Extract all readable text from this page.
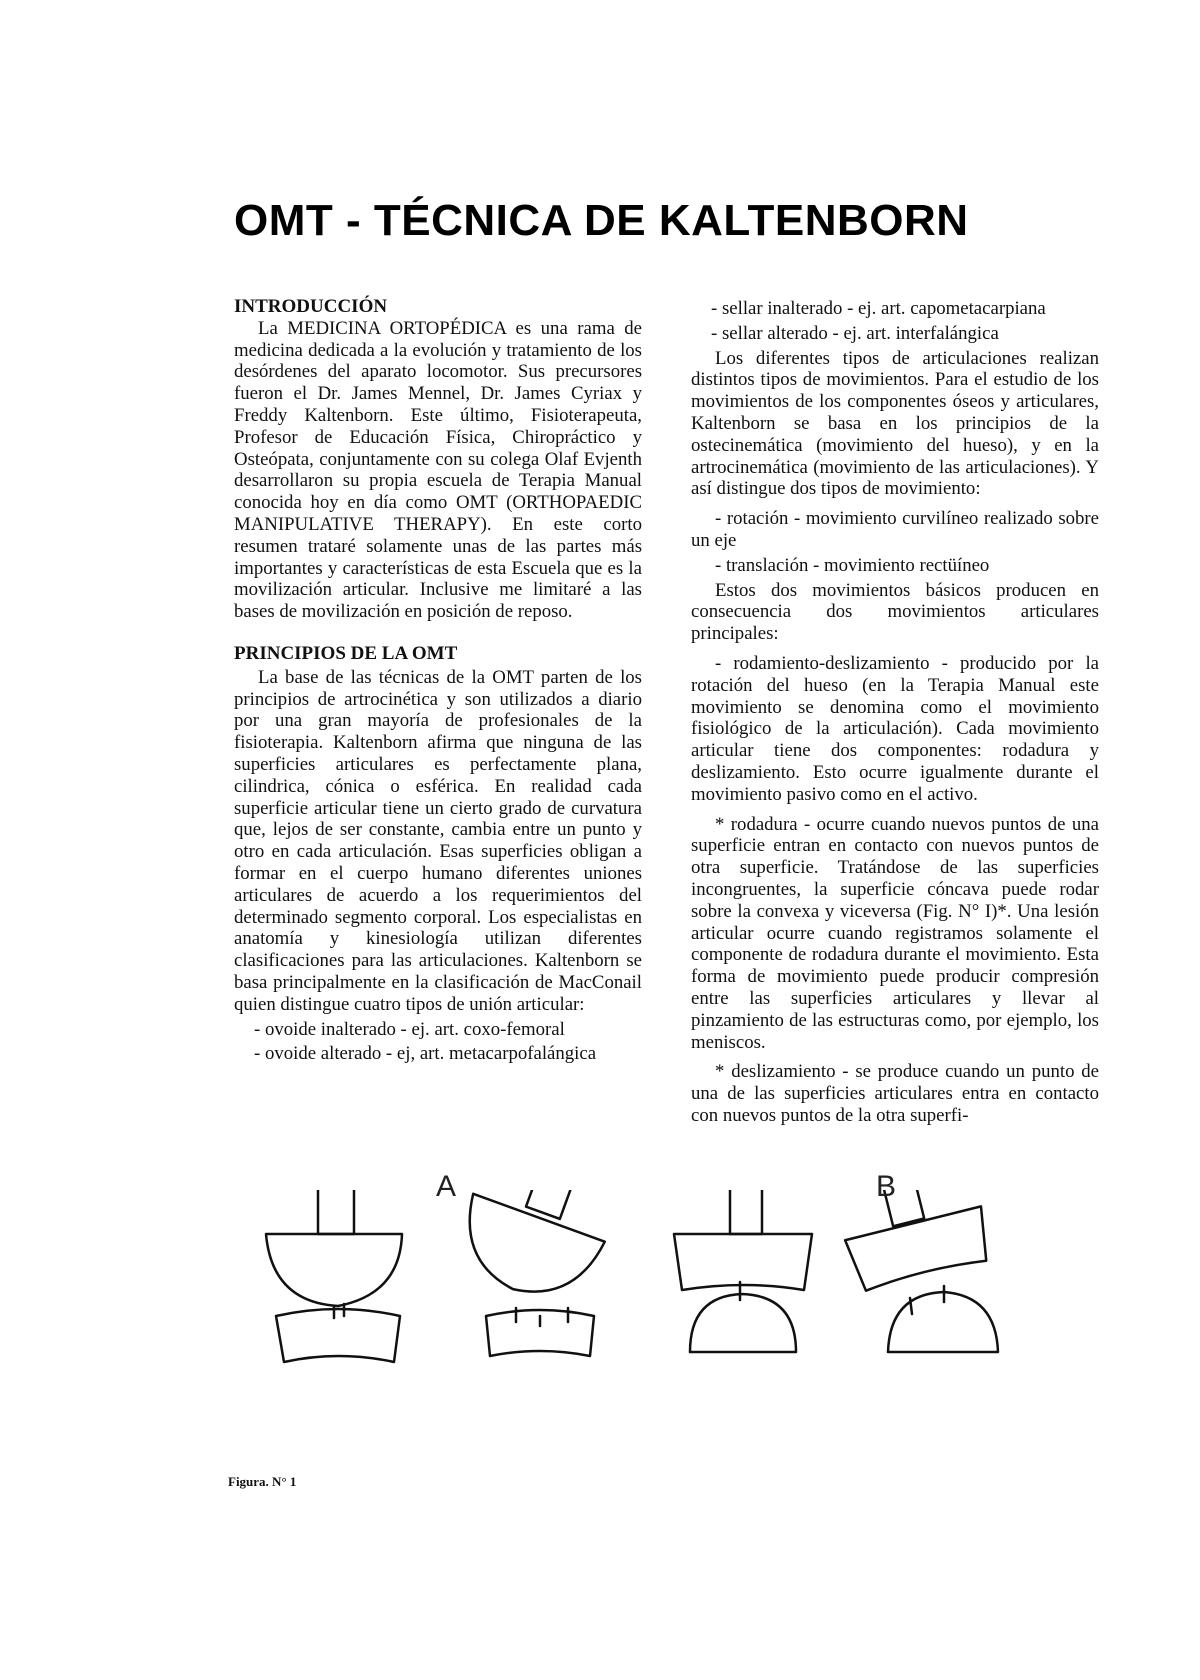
OMT - TÉCNICA DE KALTENBORN

INTRODUCCIÓN

La MEDICINA ORTOPÉDICA es una rama de medicina dedicada a la evolución y tratamiento de los desórdenes del aparato locomotor. Sus precursores fueron el Dr. James Mennel, Dr. James Cyriax y Freddy Kaltenborn. Este último, Fisioterapeuta, Profesor de Educación Física, Chiropráctico y Osteópata, conjuntamente con su colega Olaf Evjenth desarrollaron su propia escuela de Terapia Manual conocida hoy en día como OMT (ORTHOPAEDIC MANIPULATIVE THERAPY). En este corto resumen trataré solamente unas de las partes más importantes y características de esta Escuela que es la movilización articular. Inclusive me limitaré a las bases de movilización en posición de reposo.

PRINCIPIOS DE LA OMT

La base de las técnicas de la OMT parten de los principios de artrocinética y son utilizados a diario por una gran mayoría de profesionales de la fisioterapia. Kaltenborn afirma que ninguna de las superficies articulares es perfectamente plana, cilindrica, cónica o esférica. En realidad cada superficie articular tiene un cierto grado de curvatura que, lejos de ser constante, cambia entre un punto y otro en cada articulación. Esas superficies obligan a formar en el cuerpo humano diferentes uniones articulares de acuerdo a los requerimientos del determinado segmento corporal. Los especialistas en anatomía y kinesiología utilizan diferentes clasificaciones para las articulaciones. Kaltenborn se basa principalmente en la clasificación de MacConail quien distingue cuatro tipos de unión articular:

- ovoide inalterado - ej. art. coxo-femoral

- ovoide alterado - ej, art. metacarpofalángica

- sellar inalterado - ej. art. capometacarpiana

- sellar alterado - ej. art. interfalángica

Los diferentes tipos de articulaciones realizan distintos tipos de movimientos. Para el estudio de los movimientos de los componentes óseos y articulares, Kaltenborn se basa en los principios de la ostecinemática (movimiento del hueso), y en la artrocinemática (movimiento de las articulaciones). Y así distingue dos tipos de movimiento:

- rotación - movimiento curvilíneo realizado sobre un eje

- translación - movimiento rectüíneo

Estos dos movimientos básicos producen en consecuencia dos movimientos articulares principales:

- rodamiento-deslizamiento - producido por la rotación del hueso (en la Terapia Manual este movimiento se denomina como el movimiento fisiológico de la articulación). Cada movimiento articular tiene dos componentes: rodadura y deslizamiento. Esto ocurre igualmente durante el movimiento pasivo como en el activo.

* rodadura - ocurre cuando nuevos puntos de una superficie entran en contacto con nuevos puntos de otra superficie. Tratándose de las superficies incongruentes, la superficie cóncava puede rodar sobre la convexa y viceversa (Fig. N° I)*. Una lesión articular ocurre cuando registramos solamente el componente de rodadura durante el movimiento. Esta forma de movimiento puede producir compresión entre las superficies articulares y llevar al pinzamiento de las estructuras como, por ejemplo, los meniscos.

* deslizamiento - se produce cuando un punto de una de las superficies articulares entra en contacto con nuevos puntos de la otra superfi-

A	B
Figura. N° 1
